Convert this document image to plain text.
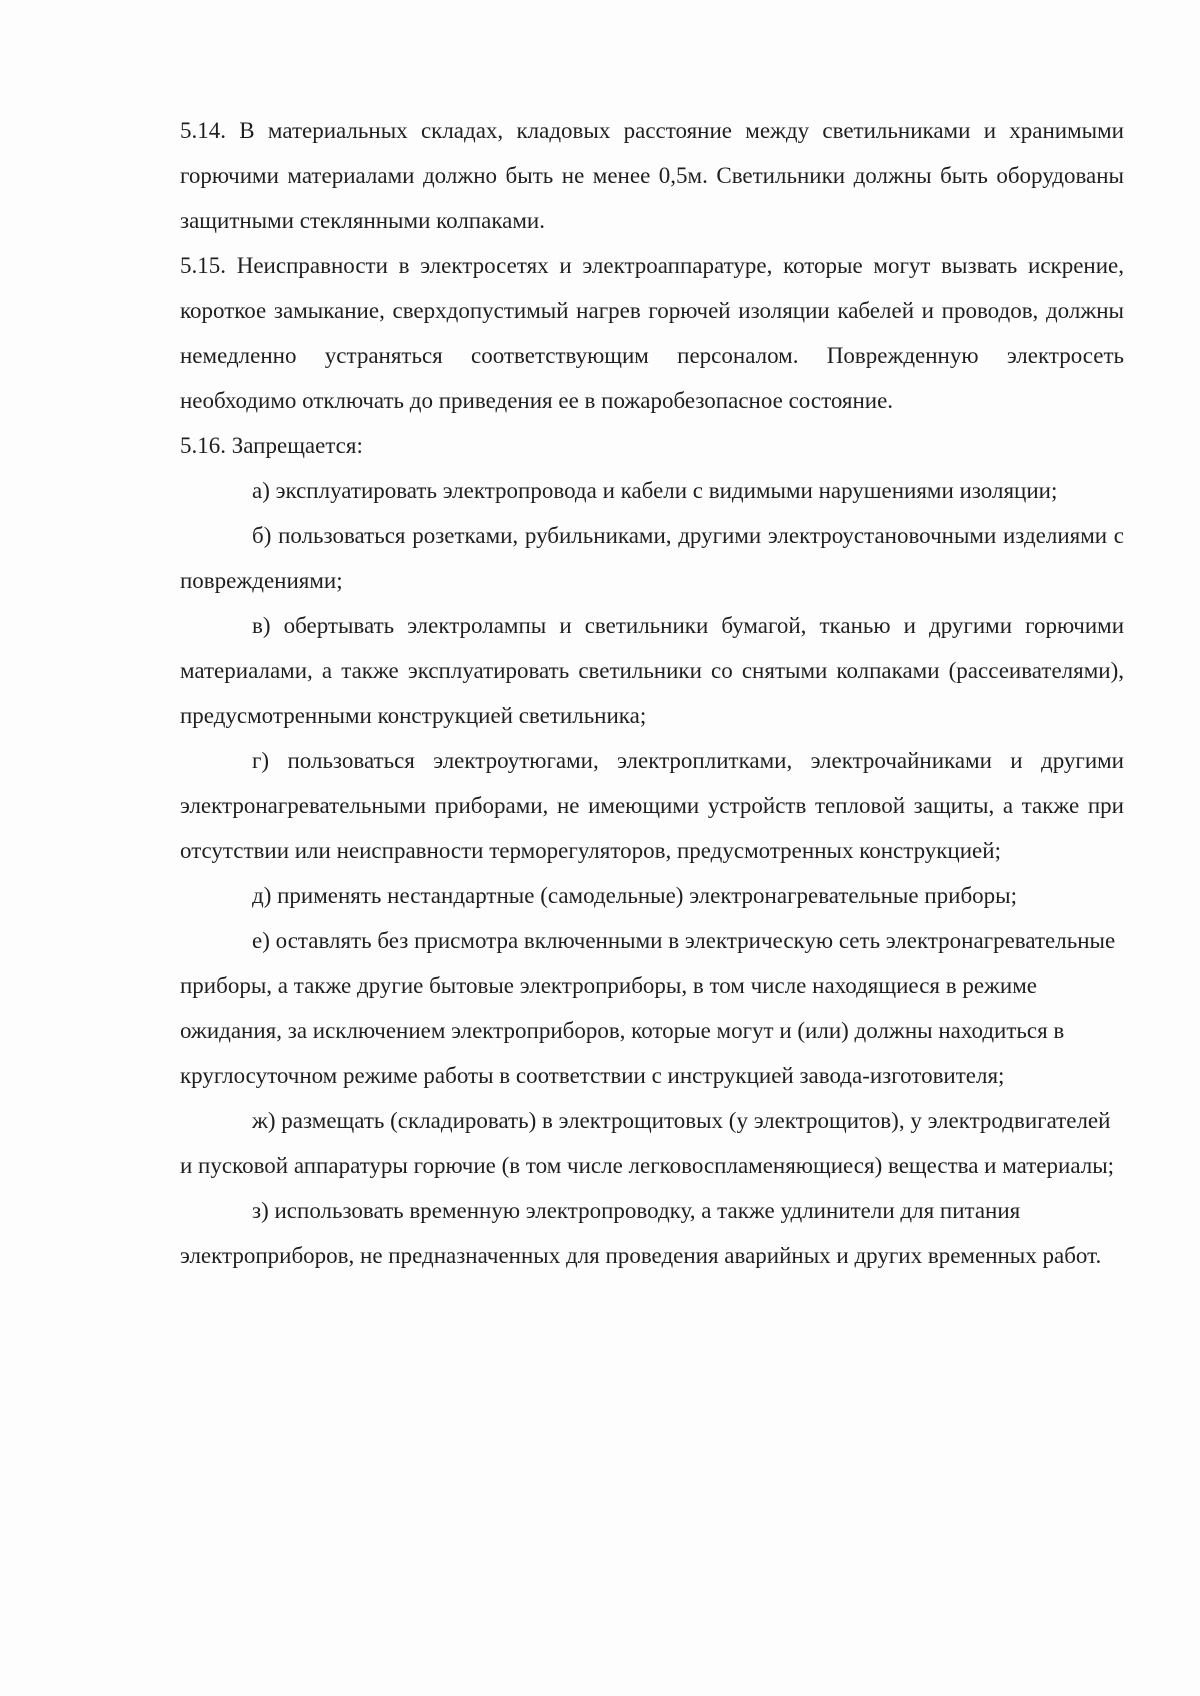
5.14. В материальных складах, кладовых расстояние между светильниками и хранимыми горючими материалами должно быть не менее 0,5м. Светильники должны быть оборудованы защитными стеклянными колпаками.

5.15. Неисправности в электросетях и электроаппаратуре, которые могут вызвать искрение, короткое замыкание, сверхдопустимый нагрев горючей изоляции кабелей и проводов, должны немедленно устраняться соответствующим персоналом. Поврежденную электросеть необходимо отключать до приведения ее в пожаробезопасное состояние.

5.16. Запрещается:

а) эксплуатировать электропровода и кабели с видимыми нарушениями изоляции;

б) пользоваться розетками, рубильниками, другими электроустановочными изделиями с повреждениями;

в) обертывать электролампы и светильники бумагой, тканью и другими горючими материалами, а также эксплуатировать светильники со снятыми колпаками (рассеивателями), предусмотренными конструкцией светильника;

г) пользоваться электроутюгами, электроплитками, электрочайниками и другими электронагревательными приборами, не имеющими устройств тепловой защиты, а также при отсутствии или неисправности терморегуляторов, предусмотренных конструкцией;

д) применять нестандартные (самодельные) электронагревательные приборы;

е) оставлять без присмотра включенными в электрическую сеть электронагревательные приборы, а также другие бытовые электроприборы, в том числе находящиеся в режиме ожидания, за исключением электроприборов, которые могут и (или) должны находиться в круглосуточном режиме работы в соответствии с инструкцией завода-изготовителя;

ж) размещать (складировать) в электрощитовых (у электрощитов), у электродвигателей и пусковой аппаратуры горючие (в том числе легковоспламеняющиеся) вещества и материалы;

з) использовать временную электропроводку, а также удлинители для питания электроприборов, не предназначенных для проведения аварийных и других временных работ.
